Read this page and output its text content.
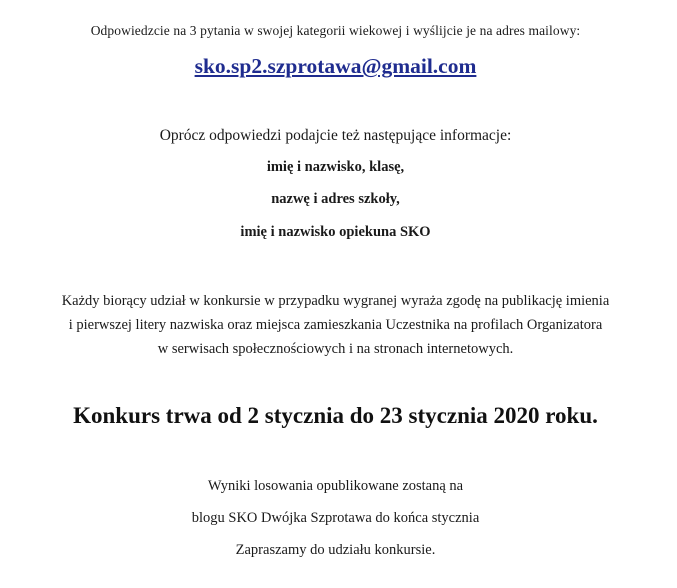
Odpowiedzcie na 3 pytania w swojej kategorii wiekowej i wyślijcie je na adres mailowy:
sko.sp2.szprotawa@gmail.com
Oprócz odpowiedzi podajcie też następujące informacje:
imię i nazwisko, klasę,
nazwę i adres szkoły,
imię i nazwisko opiekuna SKO
Każdy biorący udział w konkursie w przypadku wygranej wyraża zgodę na publikację imienia
i pierwszej litery nazwiska oraz miejsca zamieszkania Uczestnika na profilach Organizatora
w serwisach społecznościowych i na stronach internetowych.
Konkurs trwa od 2 stycznia do 23 stycznia 2020 roku.
Wyniki losowania opublikowane zostaną na
blogu SKO Dwójka Szprotawa do końca stycznia
Zapraszamy do udziału konkursie.
